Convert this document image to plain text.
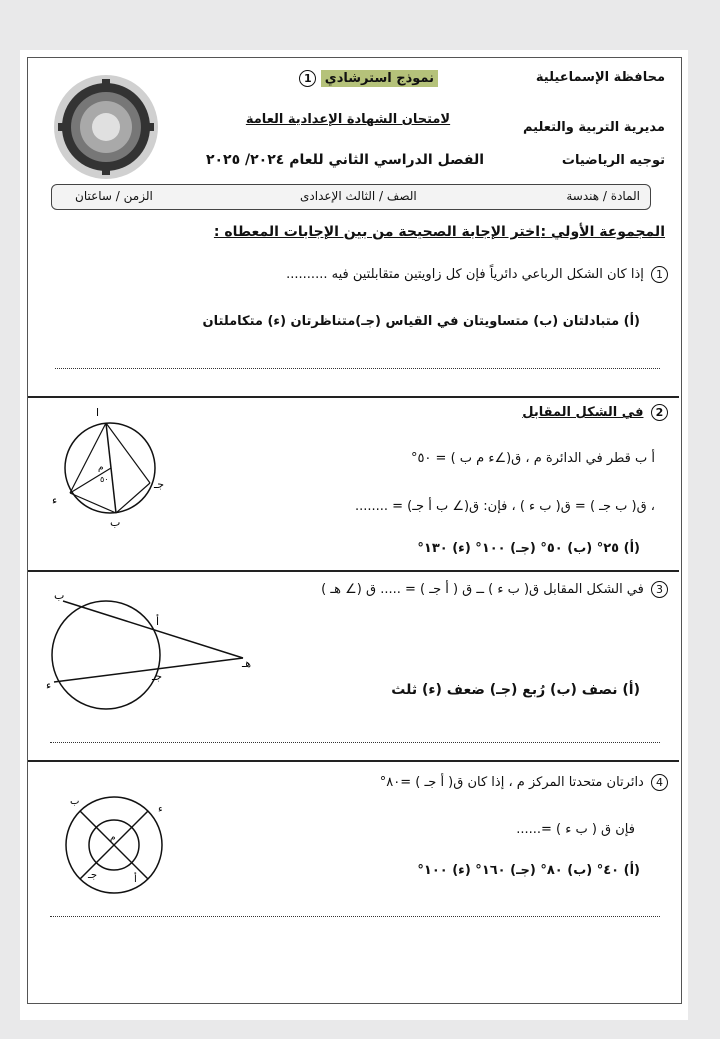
محافظة الإسماعيلية
مديرية التربية والتعليم
توجيه الرياضيات
نموذج استرشادي 1
لامتحان الشهادة الإعدادية العامة
الفصل الدراسي الثاني للعام ٢٠٢٤/ ٢٠٢٥
المادة / هندسة
الصف / الثالث الإعدادى
الزمن / ساعتان
المجموعة الأولي :
اختر الإجابة الصحيحة من بين الإجابات المعطاه :
1 إذا كان الشكل الرباعي دائرياً فإن كل زاويتين متقابلتين فيه ..........
(أ) متبادلتان (ب) متساويتان في القياس (جـ)متناظرتان (ء) متكاملتان
2 في الشكل المقابل
أ ب قطر في الدائرة م ، ق(∠ء م ب ) = ٥٠°
، ق( ب جـ ) = ق( ب ء ) ، فإن: ق(∠ ب أ جـ) = ........
(أ) ٢٥° (ب) ٥٠° (جـ) ١٠٠° (ء) ١٣٠°
أ
ب
جـ
ء
م
٥٠
3 في الشكل المقابل ق( ب ء ) ــ ق ( أ جـ ) = ..... ق (∠ هـ )
(أ) نصف (ب) رُبع (جـ) ضعف (ء) ثلث
ب
أ
جـ
ء
هـ
4 دائرتان متحدتا المركز م ، إذا كان ق( أ جـ ) =٨٠°
فإن ق ( ب ء ) =......
(أ) ٤٠° (ب) ٨٠° (جـ) ١٦٠° (ء) ١٠٠°
ب
ء
م
جـ	أ
